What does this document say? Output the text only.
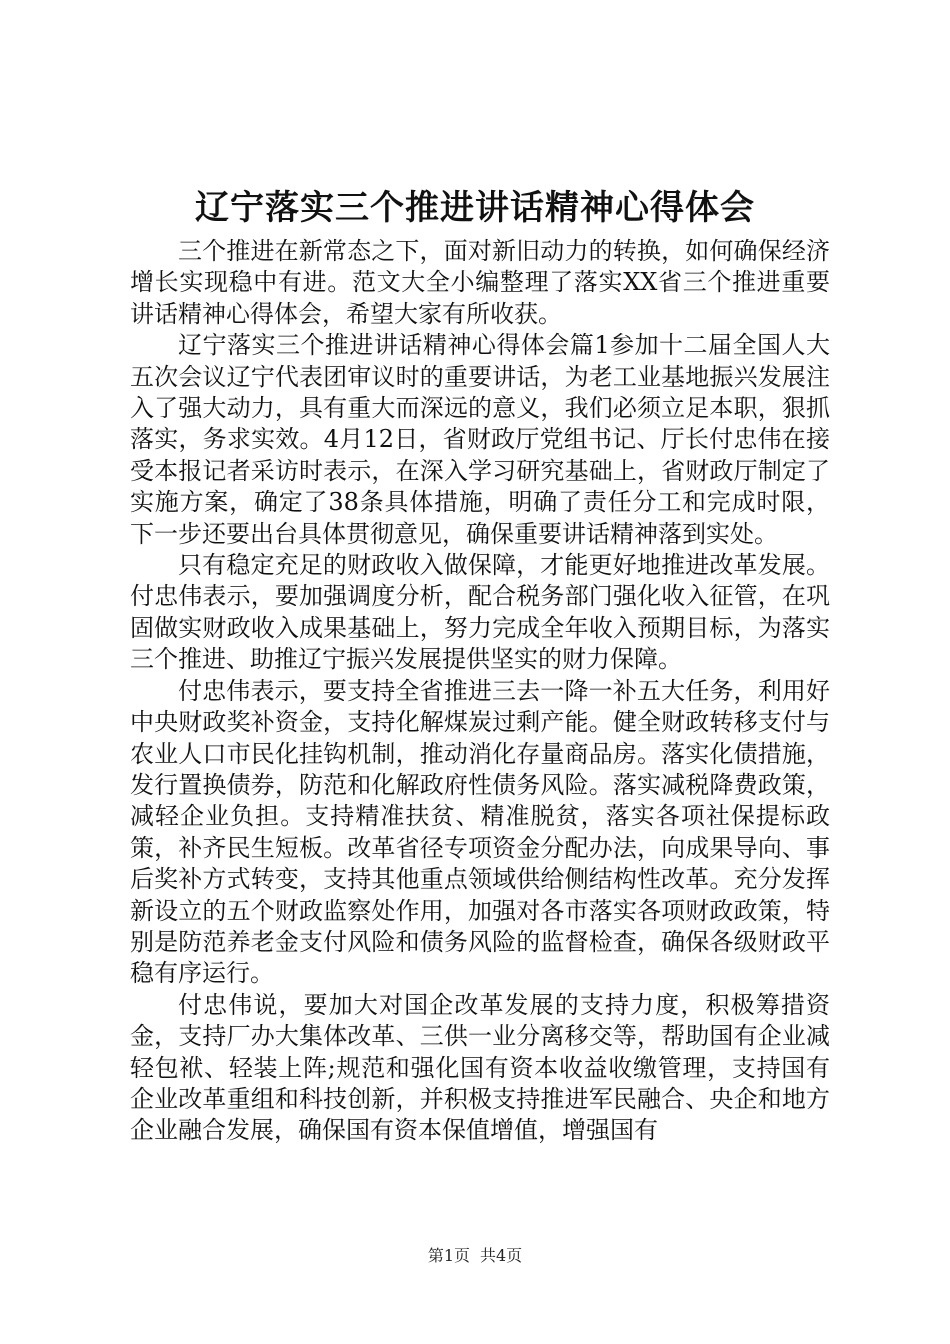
辽宁落实三个推进讲话精神心得体会

三个推进在新常态之下，面对新旧动力的转换，如何确保经济增长实现稳中有进。范文大全小编整理了落实XX省三个推进重要讲话精神心得体会，希望大家有所收获。

辽宁落实三个推进讲话精神心得体会篇1参加十二届全国人大五次会议辽宁代表团审议时的重要讲话，为老工业基地振兴发展注入了强大动力，具有重大而深远的意义，我们必须立足本职，狠抓落实，务求实效。4月12日，省财政厅党组书记、厅长付忠伟在接受本报记者采访时表示，在深入学习研究基础上，省财政厅制定了实施方案，确定了38条具体措施，明确了责任分工和完成时限，下一步还要出台具体贯彻意见，确保重要讲话精神落到实处。

只有稳定充足的财政收入做保障，才能更好地推进改革发展。付忠伟表示，要加强调度分析，配合税务部门强化收入征管，在巩固做实财政收入成果基础上，努力完成全年收入预期目标，为落实三个推进、助推辽宁振兴发展提供坚实的财力保障。

付忠伟表示，要支持全省推进三去一降一补五大任务，利用好中央财政奖补资金，支持化解煤炭过剩产能。健全财政转移支付与农业人口市民化挂钩机制，推动消化存量商品房。落实化债措施，发行置换债券，防范和化解政府性债务风险。落实减税降费政策，减轻企业负担。支持精准扶贫、精准脱贫，落实各项社保提标政策，补齐民生短板。改革省径专项资金分配办法，向成果导向、事后奖补方式转变，支持其他重点领域供给侧结构性改革。充分发挥新设立的五个财政监察处作用，加强对各市落实各项财政政策，特别是防范养老金支付风险和债务风险的监督检查，确保各级财政平稳有序运行。

付忠伟说，要加大对国企改革发展的支持力度，积极筹措资金，支持厂办大集体改革、三供一业分离移交等，帮助国有企业减轻包袱、轻装上阵;规范和强化国有资本收益收缴管理，支持国有企业改革重组和科技创新，并积极支持推进军民融合、央企和地方企业融合发展，确保国有资本保值增值，增强国有

第1页 共4页
